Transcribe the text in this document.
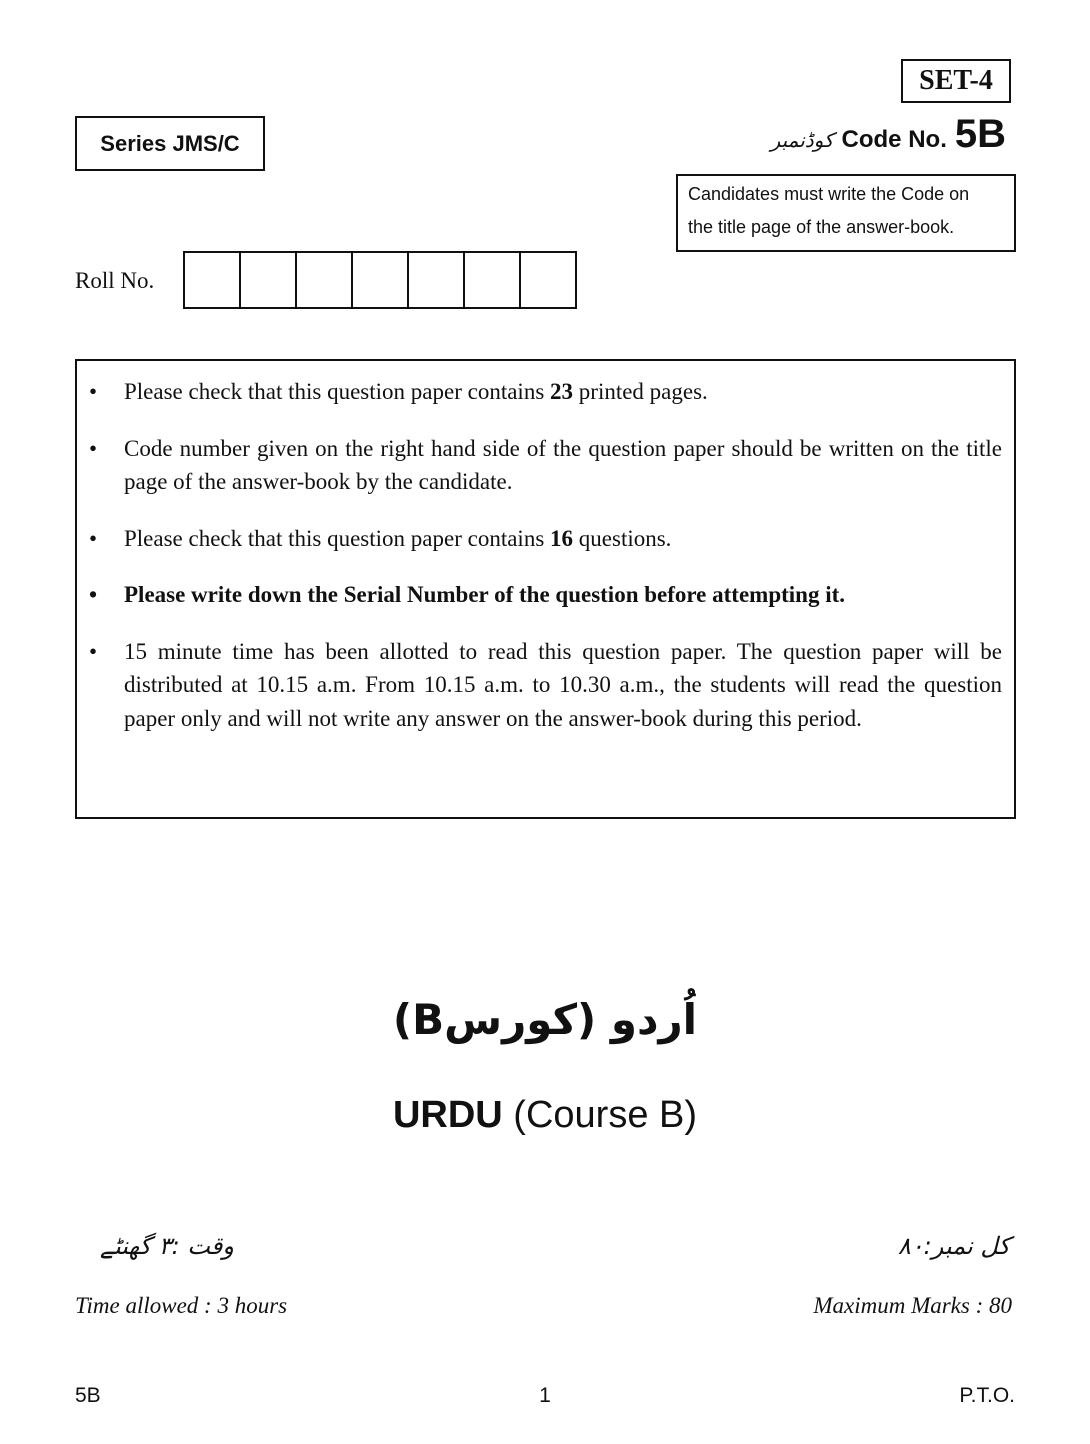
SET-4
Series JMS/C	کوڈنمبر Code No. 5B
Candidates must write the Code on
the title page of the answer-book.
Roll No.
• Please check that this question paper contains 23 printed pages.
• Code number given on the right hand side of the question paper should be written on the title page of the answer-book by the candidate.
• Please check that this question paper contains 16 questions.
• Please write down the Serial Number of the question before attempting it.
• 15 minute time has been allotted to read this question paper. The question paper will be distributed at 10.15 a.m. From 10.15 a.m. to 10.30 a.m., the students will read the question paper only and will not write any answer on the answer-book during this period.
اُردو (کورسB)
URDU (Course B)
وقت :۳ گھنٹے	کل نمبر:۸۰
Time allowed : 3 hours	Maximum Marks : 80
5B	1	P.T.O.
